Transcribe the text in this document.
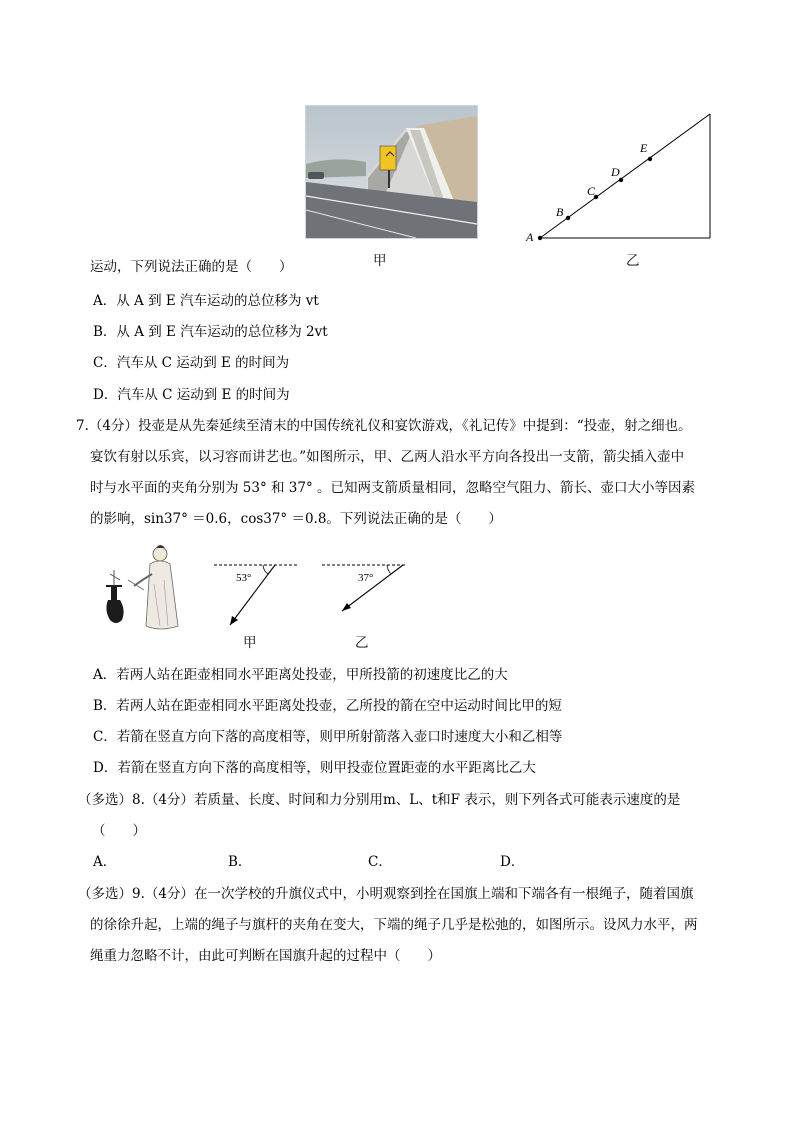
A
B
C
D
E
甲	乙
运动，下列说法正确的是（　　）
A．从 A 到 E 汽车运动的总位移为 vt
B．从 A 到 E 汽车运动的总位移为 2vt
C．汽车从 C 运动到 E 的时间为
D．汽车从 C 运动到 E 的时间为
7.（4分）投壶是从先秦延续至清末的中国传统礼仪和宴饮游戏，《礼记传》中提到：“投壶，射之细也。
宴饮有射以乐宾，以习容而讲艺也。”如图所示，甲、乙两人沿水平方向各投出一支箭，箭尖插入壶中
时与水平面的夹角分别为 53° 和 37° 。已知两支箭质量相同，忽略空气阻力、箭长、壶口大小等因素
的影响，sin37° ＝0.6，cos37° ＝0.8。下列说法正确的是（　　）
53°	37°
甲	乙
A．若两人站在距壶相同水平距离处投壶，甲所投箭的初速度比乙的大
B．若两人站在距壶相同水平距离处投壶，乙所投的箭在空中运动时间比甲的短
C．若箭在竖直方向下落的高度相等，则甲所射箭落入壶口时速度大小和乙相等
D．若箭在竖直方向下落的高度相等，则甲投壶位置距壶的水平距离比乙大
（多选）8.（4分）若质量、长度、时间和力分别用m、L、t和F 表示，则下列各式可能表示速度的是
（　　）
A．	B．	C．	D．
（多选）9.（4分）在一次学校的升旗仪式中，小明观察到拴在国旗上端和下端各有一根绳子，随着国旗
的徐徐升起，上端的绳子与旗杆的夹角在变大，下端的绳子几乎是松弛的，如图所示。设风力水平，两
绳重力忽略不计，由此可判断在国旗升起的过程中（　　）
